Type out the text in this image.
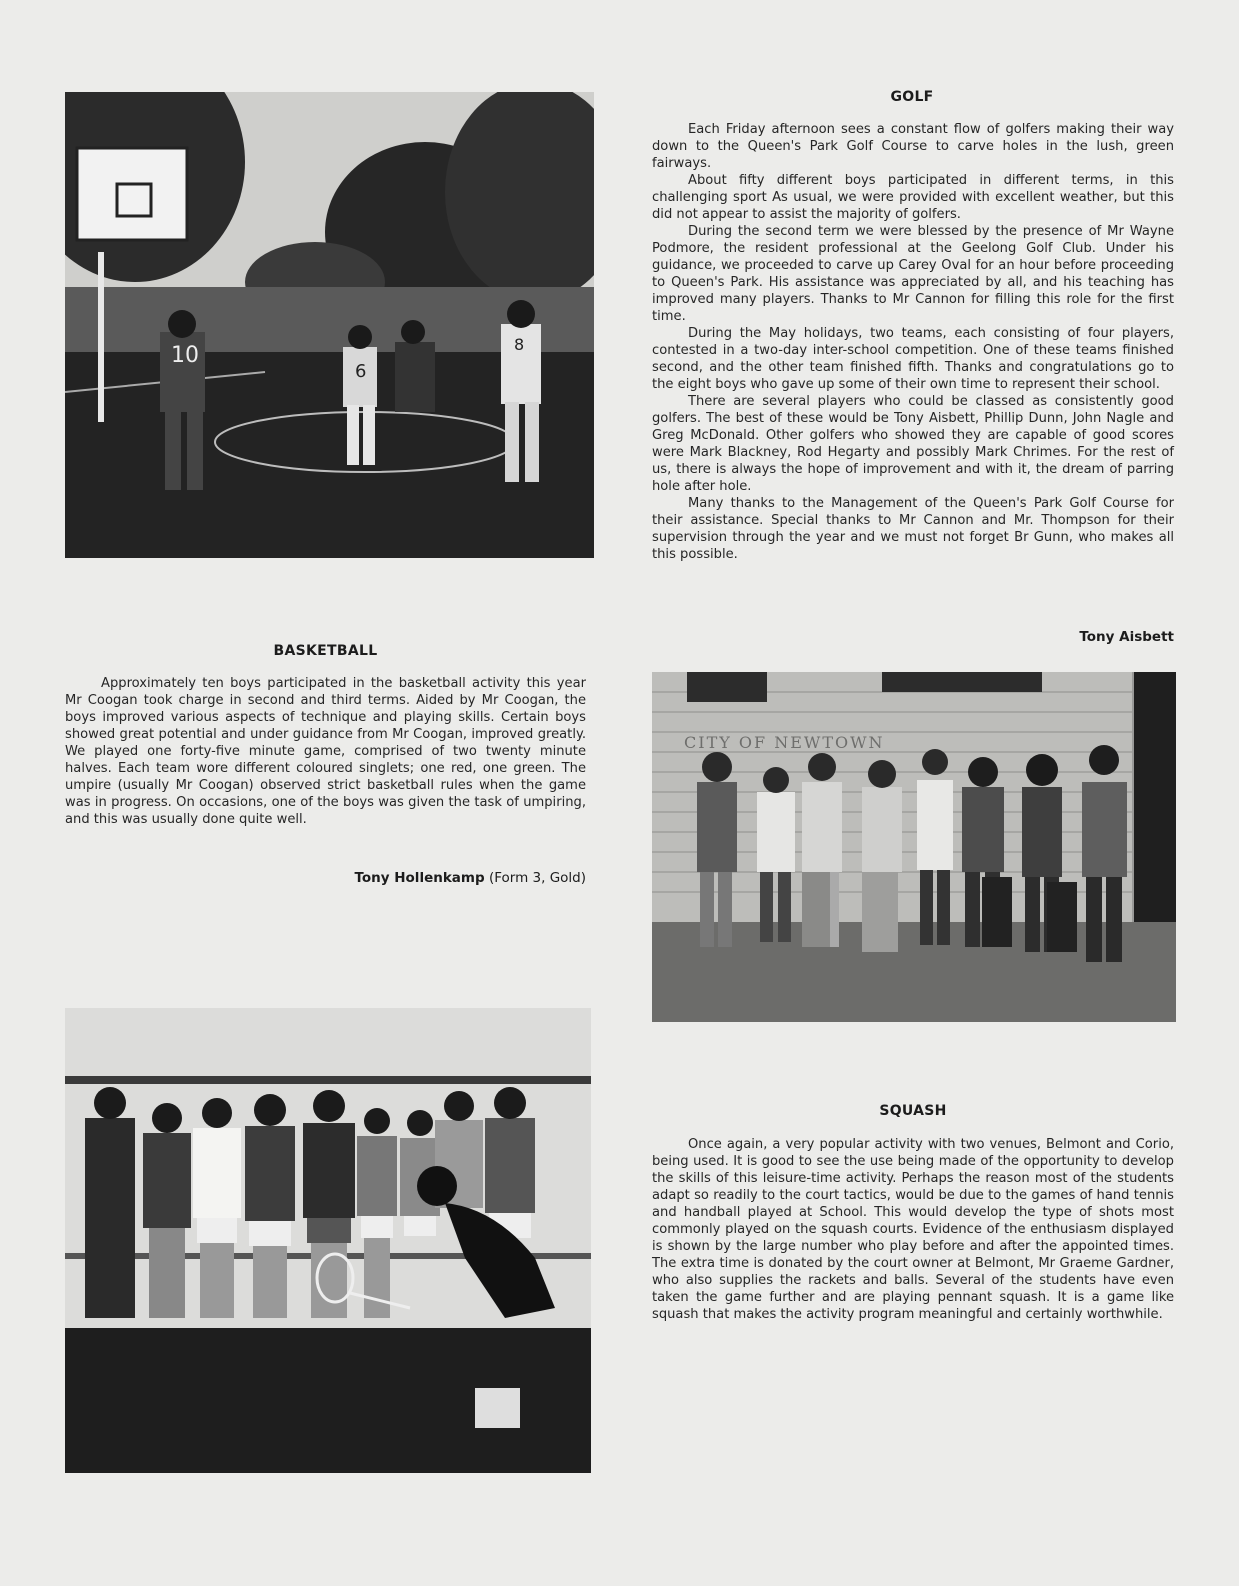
10
6
8
GOLF

Each Friday afternoon sees a constant flow of golfers making their way down to the Queen's Park Golf Course to carve holes in the lush, green fairways.

About fifty different boys participated in different terms, in this challenging sport As usual, we were provided with excellent weather, but this did not appear to assist the majority of golfers.

During the second term we were blessed by the presence of Mr Wayne Podmore, the resident professional at the Geelong Golf Club. Under his guidance, we proceeded to carve up Carey Oval for an hour before proceeding to Queen's Park. His assistance was appreciated by all, and his teaching has improved many players. Thanks to Mr Cannon for filling this role for the first time.

During the May holidays, two teams, each consisting of four players, contested in a two-day inter-school competition. One of these teams finished second, and the other team finished fifth. Thanks and congratulations go to the eight boys who gave up some of their own time to represent their school.

There are several players who could be classed as consistently good golfers. The best of these would be Tony Aisbett, Phillip Dunn, John Nagle and Greg McDonald. Other golfers who showed they are capable of good scores were Mark Blackney, Rod Hegarty and possibly Mark Chrimes. For the rest of us, there is always the hope of improvement and with it, the dream of parring hole after hole.

Many thanks to the Management of the Queen's Park Golf Course for their assistance. Special thanks to Mr Cannon and Mr. Thompson for their supervision through the year and we must not forget Br Gunn, who makes all this possible.

Tony Aisbett
CITY OF NEWTOWN
BASKETBALL

Approximately ten boys participated in the basketball activity this year Mr Coogan took charge in second and third terms. Aided by Mr Coogan, the boys improved various aspects of technique and playing skills. Certain boys showed great potential and under guidance from Mr Coogan, improved greatly. We played one forty-five minute game, comprised of two twenty minute halves. Each team wore different coloured singlets; one red, one green. The umpire (usually Mr Coogan) observed strict basketball rules when the game was in progress. On occasions, one of the boys was given the task of umpiring, and this was usually done quite well.

Tony Hollenkamp (Form 3, Gold)
SQUASH

Once again, a very popular activity with two venues, Belmont and Corio, being used. It is good to see the use being made of the opportunity to develop the skills of this leisure-time activity. Perhaps the reason most of the students adapt so readily to the court tactics, would be due to the games of hand tennis and handball played at School. This would develop the type of shots most commonly played on the squash courts. Evidence of the enthusiasm displayed is shown by the large number who play before and after the appointed times. The extra time is donated by the court owner at Belmont, Mr Graeme Gardner, who also supplies the rackets and balls. Several of the students have even taken the game further and are playing pennant squash. It is a game like squash that makes the activity program meaningful and certainly worthwhile.
